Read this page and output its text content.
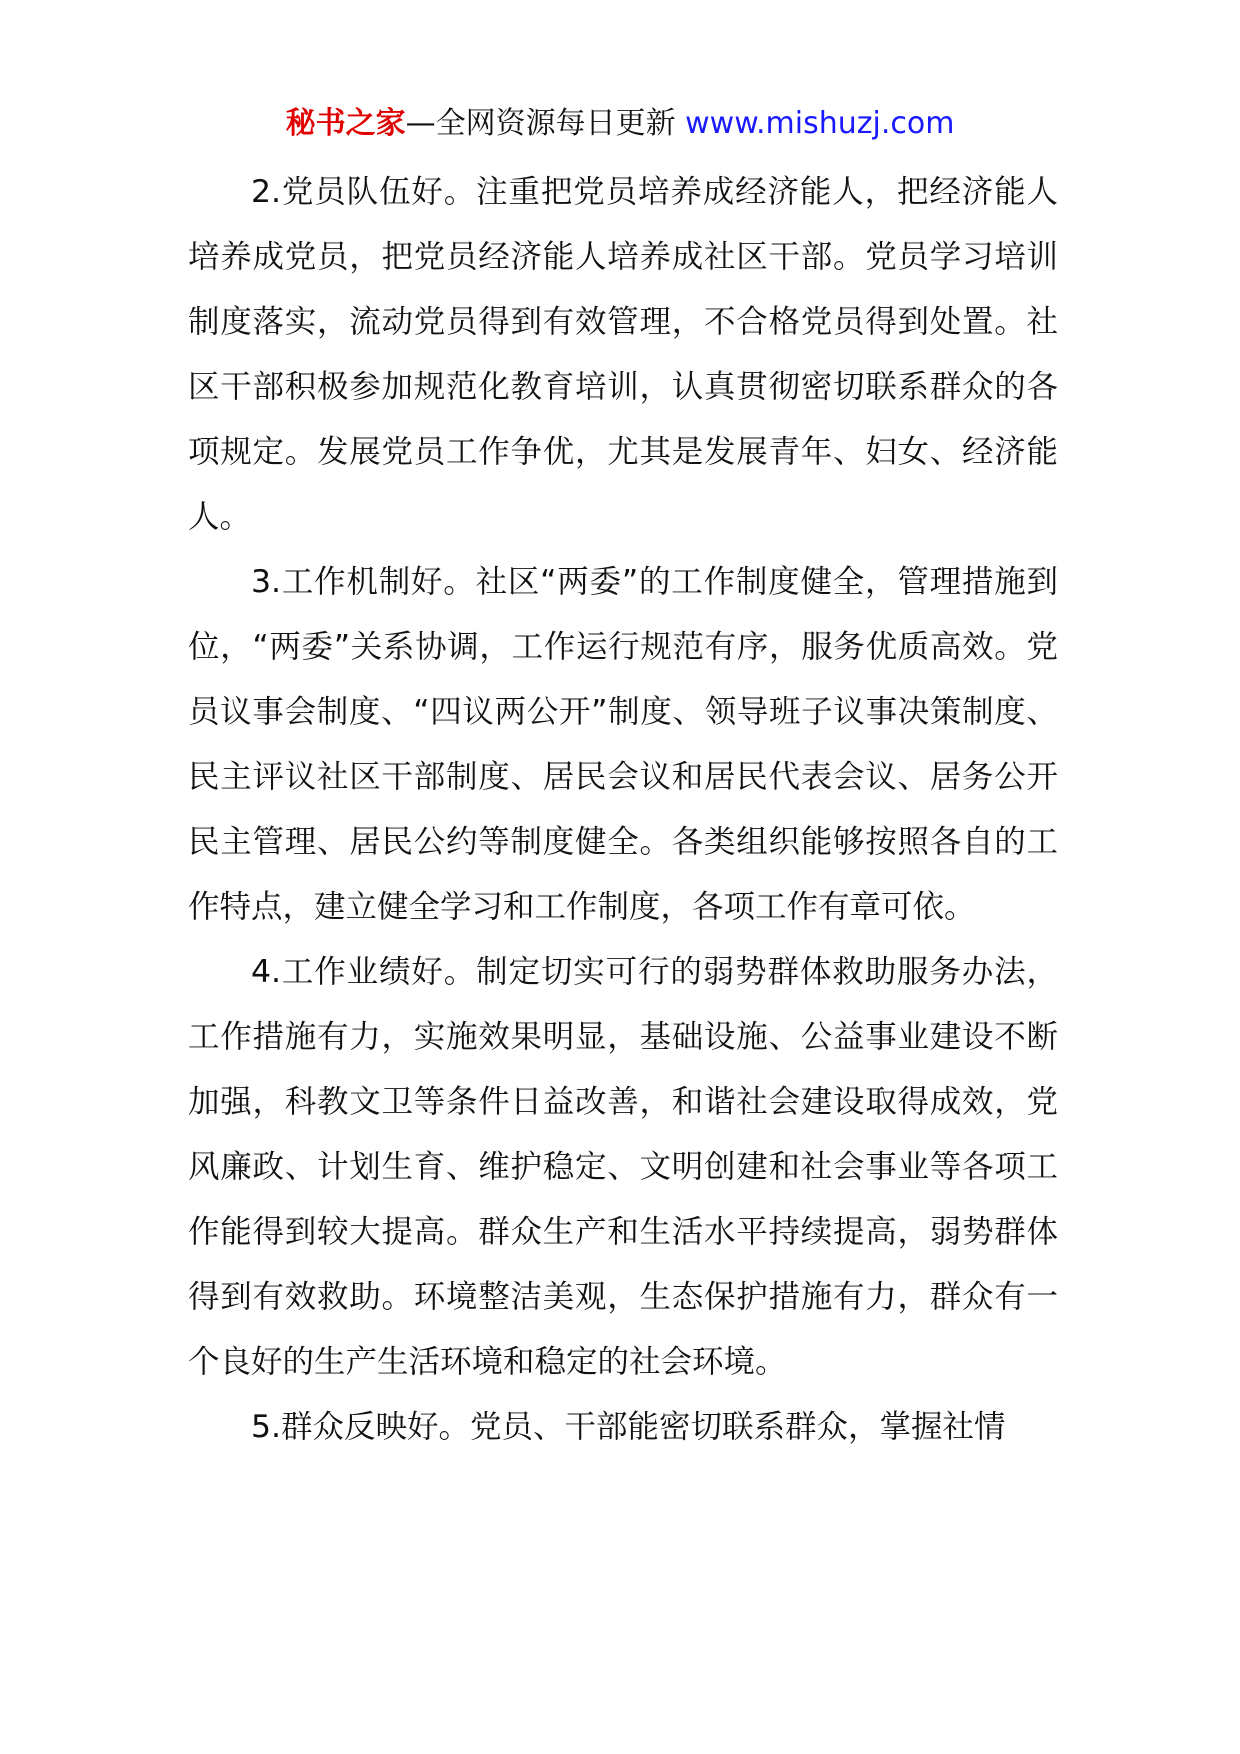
秘书之家—全网资源每日更新 www.mishuzj.com

2.党员队伍好。注重把党员培养成经济能人，把经济能人培养成党员，把党员经济能人培养成社区干部。党员学习培训制度落实，流动党员得到有效管理，不合格党员得到处置。社区干部积极参加规范化教育培训，认真贯彻密切联系群众的各项规定。发展党员工作争优，尤其是发展青年、妇女、经济能人。

3.工作机制好。社区“两委”的工作制度健全，管理措施到位，“两委”关系协调，工作运行规范有序，服务优质高效。党员议事会制度、“四议两公开”制度、领导班子议事决策制度、民主评议社区干部制度、居民会议和居民代表会议、居务公开民主管理、居民公约等制度健全。各类组织能够按照各自的工作特点，建立健全学习和工作制度，各项工作有章可依。

4.工作业绩好。制定切实可行的弱势群体救助服务办法，工作措施有力，实施效果明显，基础设施、公益事业建设不断加强，科教文卫等条件日益改善，和谐社会建设取得成效，党风廉政、计划生育、维护稳定、文明创建和社会事业等各项工作能得到较大提高。群众生产和生活水平持续提高，弱势群体得到有效救助。环境整洁美观，生态保护措施有力，群众有一个良好的生产生活环境和稳定的社会环境。

5.群众反映好。党员、干部能密切联系群众，掌握社情
